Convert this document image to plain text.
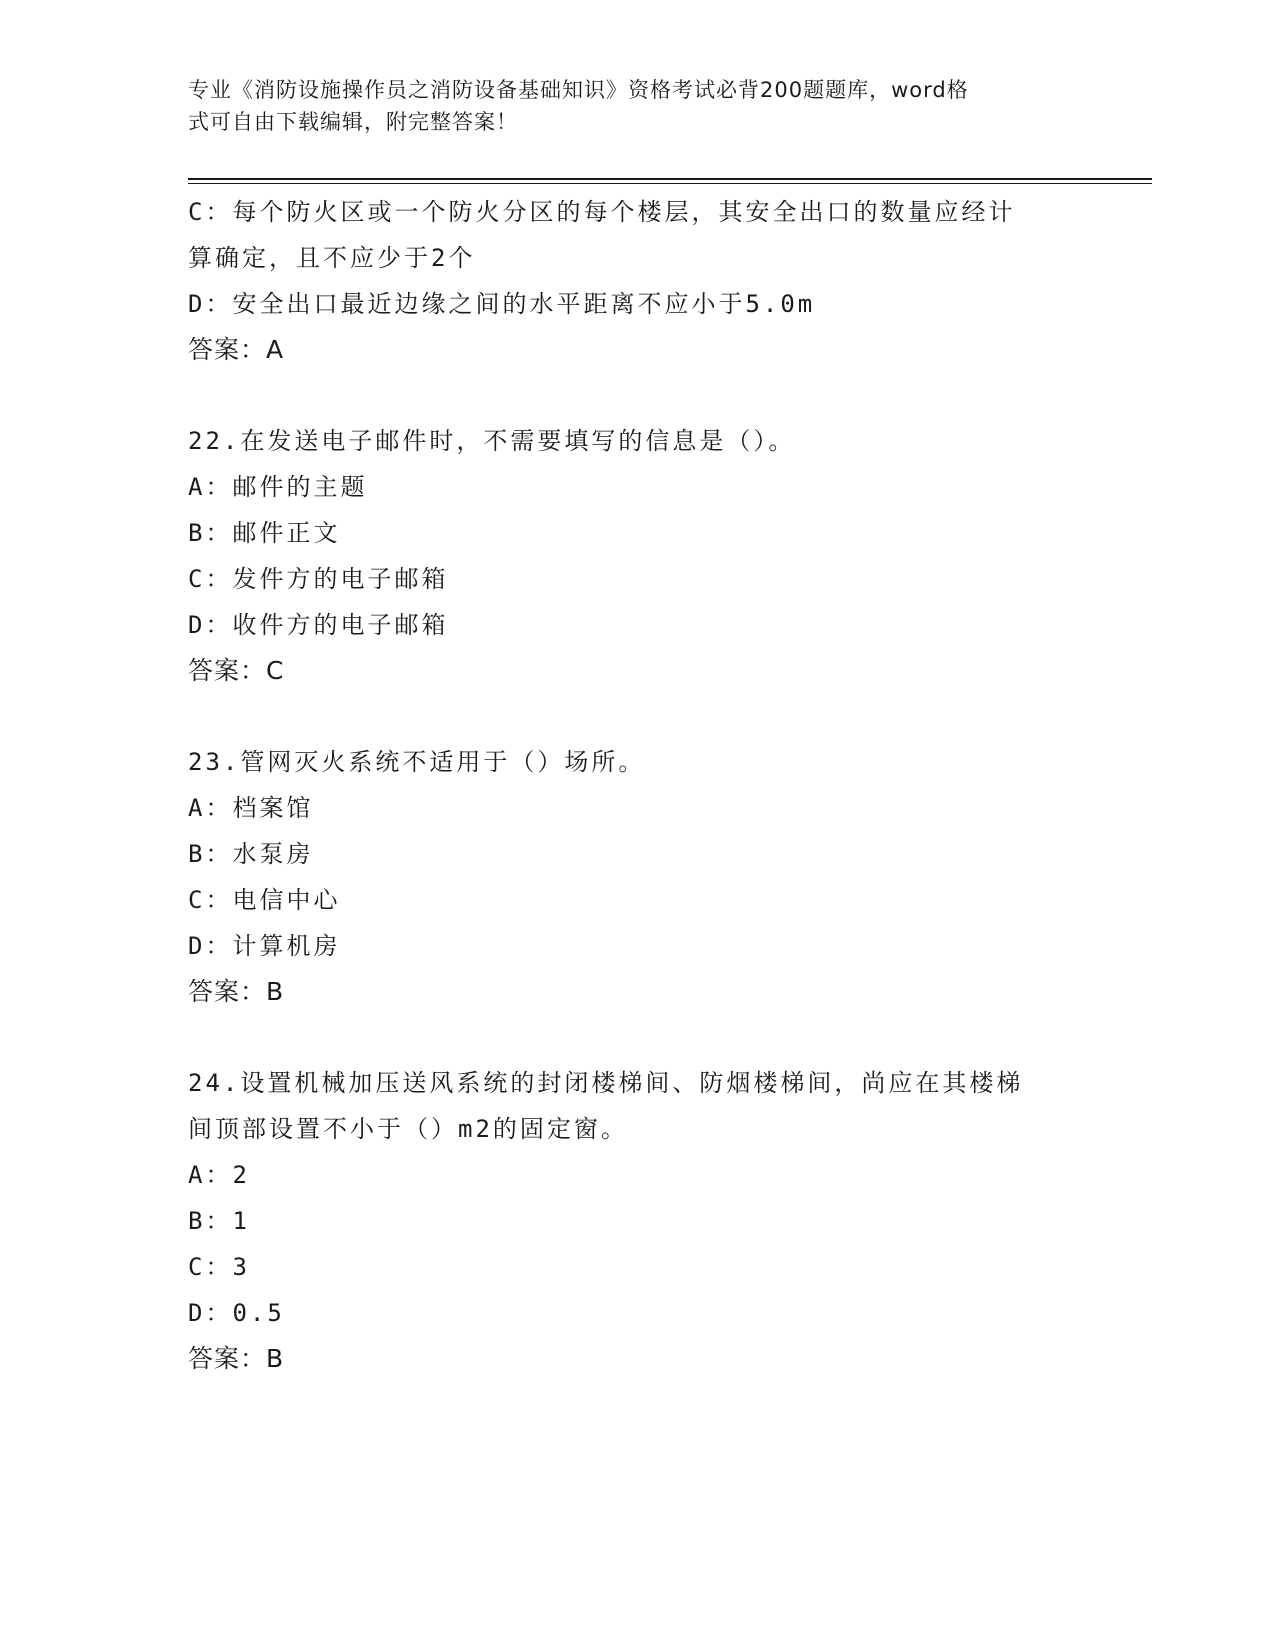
专业《消防设施操作员之消防设备基础知识》资格考试必背200题题库，word格
式可自由下载编辑，附完整答案！
C：每个防火区或一个防火分区的每个楼层，其安全出口的数量应经计
算确定，且不应少于2个
D：安全出口最近边缘之间的水平距离不应小于5.0m
答案：A
22.在发送电子邮件时，不需要填写的信息是（）。
A：邮件的主题
B：邮件正文
C：发件方的电子邮箱
D：收件方的电子邮箱
答案：C
23.管网灭火系统不适用于（）场所。
A：档案馆
B：水泵房
C：电信中心
D：计算机房
答案：B
24.设置机械加压送风系统的封闭楼梯间、防烟楼梯间，尚应在其楼梯
间顶部设置不小于（）m2的固定窗。
A：2
B：1
C：3
D：0.5
答案：B
